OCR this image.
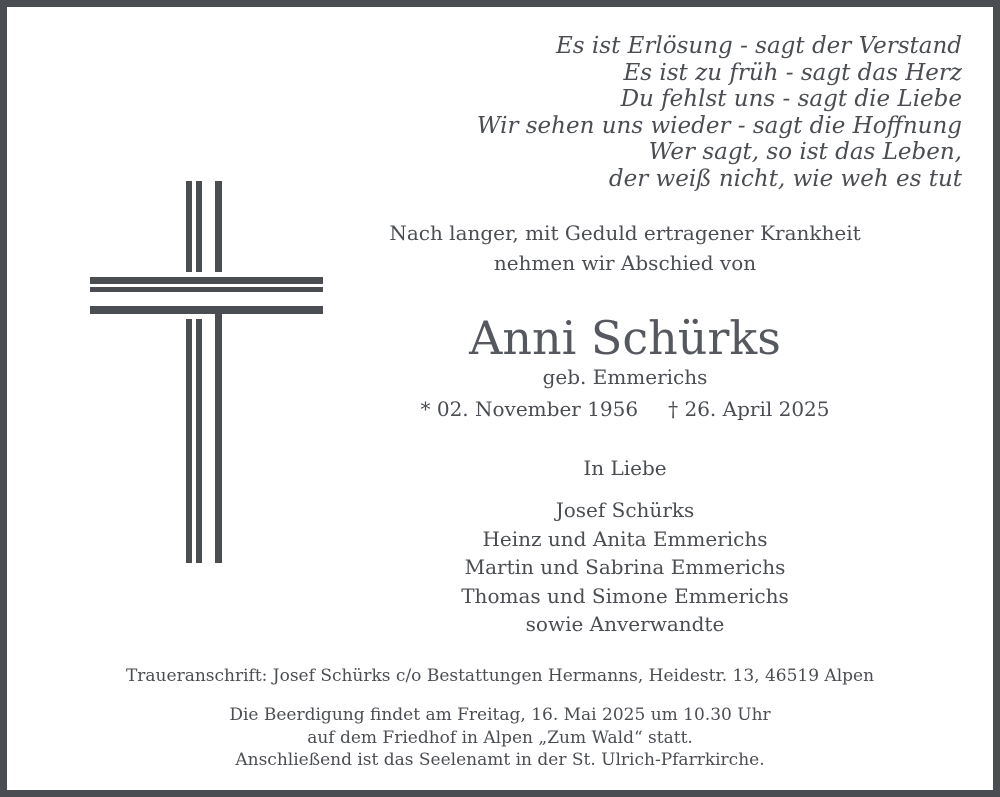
Es ist Erlösung - sagt der Verstand
Es ist zu früh - sagt das Herz
Du fehlst uns - sagt die Liebe
Wir sehen uns wieder - sagt die Hoffnung
Wer sagt, so ist das Leben,
der weiß nicht, wie weh es tut
Nach langer, mit Geduld ertragener Krankheit
nehmen wir Abschied von
Anni Schürks
geb. Emmerichs
* 02. November 1956 † 26. April 2025
In Liebe
Josef Schürks
Heinz und Anita Emmerichs
Martin und Sabrina Emmerichs
Thomas und Simone Emmerichs
sowie Anverwandte
Traueranschrift: Josef Schürks c/o Bestattungen Hermanns, Heidestr. 13, 46519 Alpen
Die Beerdigung findet am Freitag, 16. Mai 2025 um 10.30 Uhr
auf dem Friedhof in Alpen „Zum Wald“ statt.
Anschließend ist das Seelenamt in der St. Ulrich-Pfarrkirche.
